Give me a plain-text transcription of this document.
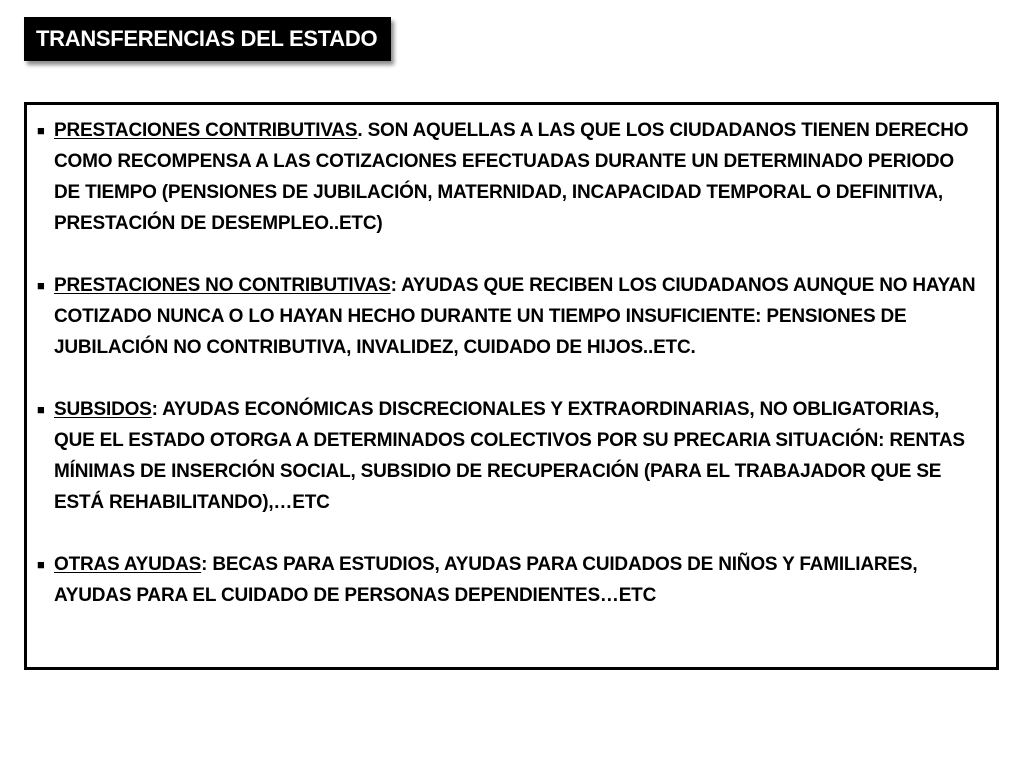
TRANSFERENCIAS DEL ESTADO
■ PRESTACIONES CONTRIBUTIVAS. SON AQUELLAS A LAS QUE LOS CIUDADANOS TIENEN DERECHO COMO RECOMPENSA A LAS COTIZACIONES EFECTUADAS DURANTE UN DETERMINADO PERIODO DE TIEMPO (PENSIONES DE JUBILACIÓN, MATERNIDAD, INCAPACIDAD TEMPORAL O DEFINITIVA, PRESTACIÓN DE DESEMPLEO..ETC)
■ PRESTACIONES NO CONTRIBUTIVAS: AYUDAS QUE RECIBEN LOS CIUDADANOS AUNQUE NO HAYAN COTIZADO NUNCA O LO HAYAN HECHO DURANTE UN TIEMPO INSUFICIENTE: PENSIONES DE JUBILACIÓN NO CONTRIBUTIVA, INVALIDEZ, CUIDADO DE HIJOS..ETC.
■ SUBSIDOS: AYUDAS ECONÓMICAS DISCRECIONALES Y EXTRAORDINARIAS, NO OBLIGATORIAS, QUE EL ESTADO OTORGA A DETERMINADOS COLECTIVOS POR SU PRECARIA SITUACIÓN: RENTAS MÍNIMAS DE INSERCIÓN SOCIAL, SUBSIDIO DE RECUPERACIÓN (PARA EL TRABAJADOR QUE SE ESTÁ REHABILITANDO),…ETC
■ OTRAS AYUDAS: BECAS PARA ESTUDIOS, AYUDAS PARA CUIDADOS DE NIÑOS Y FAMILIARES, AYUDAS PARA EL CUIDADO DE PERSONAS DEPENDIENTES…ETC
